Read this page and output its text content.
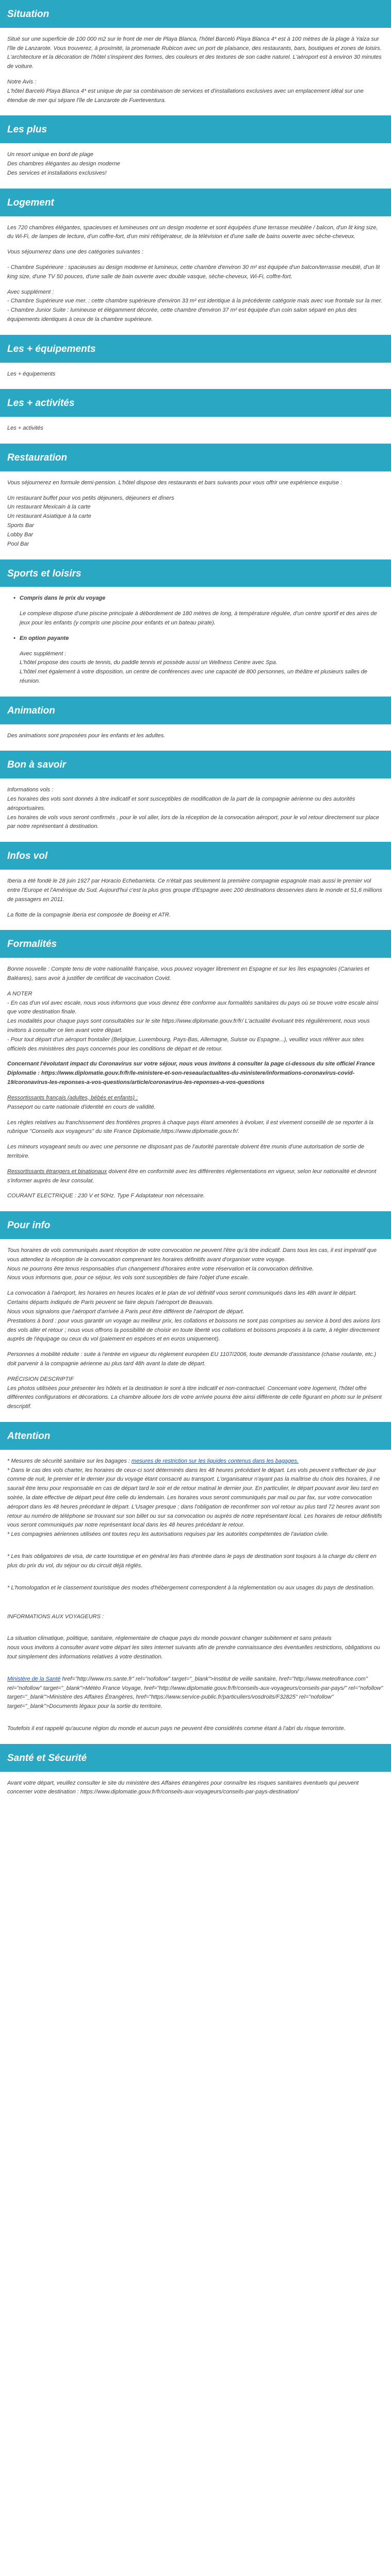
Situation

Situé sur une superficie de 100 000 m2 sur le front de mer de Playa Blanca, l'hôtel Barceló Playa Blanca 4* est à 100 mètres de la plage à Yaiza sur l'île de Lanzarote. Vous trouverez, à proximité, la promenade Rubicon avec un port de plaisance, des restaurants, bars, boutiques et zones de loisirs. L'architecture et la décoration de l'hôtel s'inspirent des formes, des couleurs et des textures de son cadre naturel. L'aéroport est à environ 30 minutes de voiture.

Notre Avis :
L'hôtel Barceló Playa Blanca 4* est unique de par sa combinaison de services et d'installations exclusives avec un emplacement idéal sur une étendue de mer qui sépare l'île de Lanzarote de Fuerteventura.

Les plus

Un resort unique en bord de plage
Des chambres élégantes au design moderne
Des services et installations exclusives!

Logement

Les 720 chambres élégantes, spacieuses et lumineuses ont un design moderne et sont équipées d'une terrasse meublée / balcon, d'un lit king size, du Wi-Fi, de lampes de lecture, d'un coffre-fort, d'un mini réfrigérateur, de la télévision et d'une salle de bains ouverte avec sèche-cheveux.

Vous séjournerez dans une des catégories suivantes :

- Chambre Supérieure : spacieuses au design moderne et lumineux, cette chambre d'environ 30 m² est équipée d'un balcon/terrasse meublé, d'un lit king size, d'une TV 50 pouces, d'une salle de bain ouverte avec double vasque, sèche-cheveux, Wi-Fi, coffre-fort.

Avec supplément :
- Chambre Supérieure vue mer. : cette chambre supérieure d'environ 33 m² est identique à la précédente catégorie mais avec vue frontale sur la mer.
- Chambre Junior Suite : lumineuse et élégamment décorée, cette chambre d'environ 37 m² est équipée d'un coin salon séparé en plus des équipements identiques à ceux de la chambre supérieure.

Les + équipements

Les + équipements

Les + activités

Les + activités

Restauration

Vous séjournerez en formule demi-pension. L'hôtel dispose des restaurants et bars suivants pour vous offrir une expérience exquise :

Un restaurant buffet pour vos petits déjeuners, déjeuners et dîners
Un restaurant Mexicain à la carte
Un restaurant Asiatique à la carte
Sports Bar
Lobby Bar
Pool Bar

Sports et loisirs
• Compris dans le prix du voyage

Le complexe dispose d'une piscine principale à débordement de 180 mètres de long, à température régulée, d'un centre sportif et des aires de jeux pour les enfants (y compris une piscine pour enfants et un bateau pirate).

• En option payante

Avec supplément :
L'hôtel propose des courts de tennis, du paddle tennis et possède aussi un Wellness Centre avec Spa.
L'hôtel met également à votre disposition, un centre de conférences avec une capacité de 800 personnes, un théâtre et plusieurs salles de réunion.

Animation

Des animations sont proposées pour les enfants et les adultes.

Bon à savoir

Informations vols :
Les horaires des vols sont donnés à titre indicatif et sont susceptibles de modification de la part de la compagnie aérienne ou des autorités aéroportuaires.
Les horaires de vols vous seront confirmés , pour le vol aller, lors de la réception de la convocation aéroport, pour le vol retour directement sur place par notre représentant à destination.

Infos vol

Iberia a été fondé le 28 juin 1927 par Horacio Echebarrieta. Ce n'était pas seulement la première compagnie espagnole mais aussi le premier vol entre l'Europe et l'Amérique du Sud. Aujourd'hui c'est la plus gros groupe d'Espagne avec 200 destinations desservies dans le monde et 51,6 millions de passagers en 2011.

La flotte de la compagnie Iberia est composée de Boeing et ATR.

Formalités

Bonne nouvelle : Compte tenu de votre nationalité française, vous pouvez voyager librement en Espagne et sur les îles espagnoles (Canaries et Baléares), sans avoir à justifier de certificat de vaccination Covid.

A NOTER
- En cas d'un vol avec escale, nous vous informons que vous devrez être conforme aux formalités sanitaires du pays où se trouve votre escale ainsi que votre destination finale.
Les modalités pour chaque pays sont consultables sur le site https://www.diplomatie.gouv.fr/fr/ L'actualité évoluant très régulièrement, nous vous invitons à consulter ce lien avant votre départ.
- Pour tout départ d'un aéroport frontalier (Belgique, Luxembourg, Pays-Bas, Allemagne, Suisse ou Espagne...), veuillez vous référer aux sites officiels des ministères des pays concernés pour les conditions de départ et de retour.

Concernant l'évolutant impact du Coronavirus sur votre séjour, nous vous invitons à consulter la page ci-dessous du site officiel France Diplomatie : https://www.diplomatie.gouv.fr/fr/le-ministere-et-son-reseau/actualites-du-ministere/informations-coronavirus-covid-19/coronavirus-les-reponses-a-vos-questions/article/coronavirus-les-reponses-a-vos-questions

Ressortissants français (adultes, bébés et enfants) :
Passeport ou carte nationale d'identité en cours de validité.

Les règles relatives au franchissement des frontières propres à chaque pays étant amenées à évoluer, il est vivement conseillé de se reporter à la rubrique "Conseils aux voyageurs" du site France Diplomatie,https://www.diplomatie.gouv.fr/.

Les mineurs voyageant seuls ou avec une personne ne disposant pas de l'autorité parentale doivent être munis d'une autorisation de sortie de territoire.

Ressortissants étrangers et binationaux doivent être en conformité avec les différentes réglementations en vigueur, selon leur nationalité et devront s'informer auprès de leur consulat.

COURANT ELECTRIQUE : 230 V et 50Hz. Type F Adaptateur non nécessaire.

Pour info

Tous horaires de vols communiqués avant réception de votre convocation ne peuvent l'être qu'à titre indicatif. Dans tous les cas, il est impératif que vous attendiez la réception de la convocation comprenant les horaires définitifs avant d'organiser votre voyage.
Nous ne pourrons être tenus responsables d'un changement d'horaires entre votre réservation et la convocation définitive.
Nous vous informons que, pour ce séjour, les vols sont susceptibles de faire l'objet d'une escale.

La convocation à l'aéroport, les horaires en heures locales et le plan de vol définitif vous seront communiqués dans les 48h avant le départ.
Certains départs indiqués de Paris peuvent se faire depuis l'aéroport de Beauvais.
Nous vous signalons que l'aéroport d'arrivée à Paris peut être différent de l'aéroport de départ.
Prestations à bord : pour vous garantir un voyage au meilleur prix, les collations et boissons ne sont pas comprises au service à bord des avions lors des vols aller et retour ; nous vous offrons la possibilité de choisir en toute liberté vos collations et boissons proposés à la carte, à régler directement auprès de l'équipage ou ceux du vol (paiement en espèces et en euros uniquement).

Personnes à mobilité réduite : suite à l'entrée en vigueur du règlement européen EU 1107/2006, toute demande d'assistance (chaise roulante, etc.) doit parvenir à la compagnie aérienne au plus tard 48h avant la date de départ.

PRÉCISION DESCRIPTIF
Les photos utilisées pour présenter les hôtels et la destination le sont à titre indicatif et non-contractuel. Concernant votre logement, l'hôtel offre différentes configurations et décorations. La chambre allouée lors de votre arrivée pourra être ainsi différente de celle figurant en photo sur le présent descriptif.

Attention

* Mesures de sécurité sanitaire sur les bagages : mesures de restriction sur les liquides contenus dans les bagages.
* Dans le cas des vols charter, les horaires de ceux-ci sont déterminés dans les 48 heures précédant le départ. Les vols peuvent s'effectuer de jour comme de nuit, le premier et le dernier jour du voyage étant consacré au transport. L'organisateur n'ayant pas la maîtrise du choix des horaires, il ne saurait être tenu pour responsable en cas de départ tard le soir et de retour matinal le dernier jour. En particulier, le départ pouvant avoir lieu tard en soirée, la date effective de départ peut être celle du lendemain. Les horaires vous seront communiqués par mail ou par fax, sur votre convocation aéroport dans les 48 heures précédant le départ. L'Usager presque ; dans l'obligation de reconfirmer son vol retour au plus tard 72 heures avant son retour au numéro de téléphone se trouvant sur son billet ou sur sa convocation ou auprès de notre représentant local. Les horaires de retour définitifs vous seront communiqués par notre représentant local dans les 48 heures précédant le retour.
* Les compagnies aériennes utilisées ont toutes reçu les autorisations requises par les autorités compétentes de l'aviation civile.

* Les frais obligatoires de visa, de carte touristique et en général les frais d'entrée dans le pays de destination sont toujours à la charge du client en plus du prix du vol, du séjour ou du circuit déjà réglés.

* L'homologation et le classement touristique des modes d'hébergement correspondent à la réglementation ou aux usages du pays de destination.

INFORMATIONS AUX VOYAGEURS :

La situation climatique, politique, sanitaire, réglementaire de chaque pays du monde pouvant changer subitement et sans préavis
nous vous invitons à consulter avant votre départ les sites Internet suivants afin de prendre connaissance des éventuelles restrictions, obligations ou tout simplement des informations relatives à votre destination.

Ministère de la Santé href="http://www.rrs.sante.fr" rel="nofollow" target="_blank">Institut de veille sanitaire, href="http://www.meteofrance.com" rel="nofollow" target="_blank">Météo France Voyage, href="http://www.diplomatie.gouv.fr/fr/conseils-aux-voyageurs/conseils-par-pays/" rel="nofollow" target="_blank">Ministère des Affaires Étrangères, href="https://www.service-public.fr/particuliers/vosdroits/F32825" rel="nofollow" target="_blank">Documents légaux pour la sortie du territoire.

Toutefois il est rappelé qu'aucune région du monde et aucun pays ne peuvent être considérés comme étant à l'abri du risque terroriste.

Santé et Sécurité

Avant votre départ, veuillez consulter le site du ministère des Affaires étrangères pour connaître les risques sanitaires éventuels qui peuvent concerner votre destination : https://www.diplomatie.gouv.fr/fr/conseils-aux-voyageurs/conseils-par-pays-destination/
